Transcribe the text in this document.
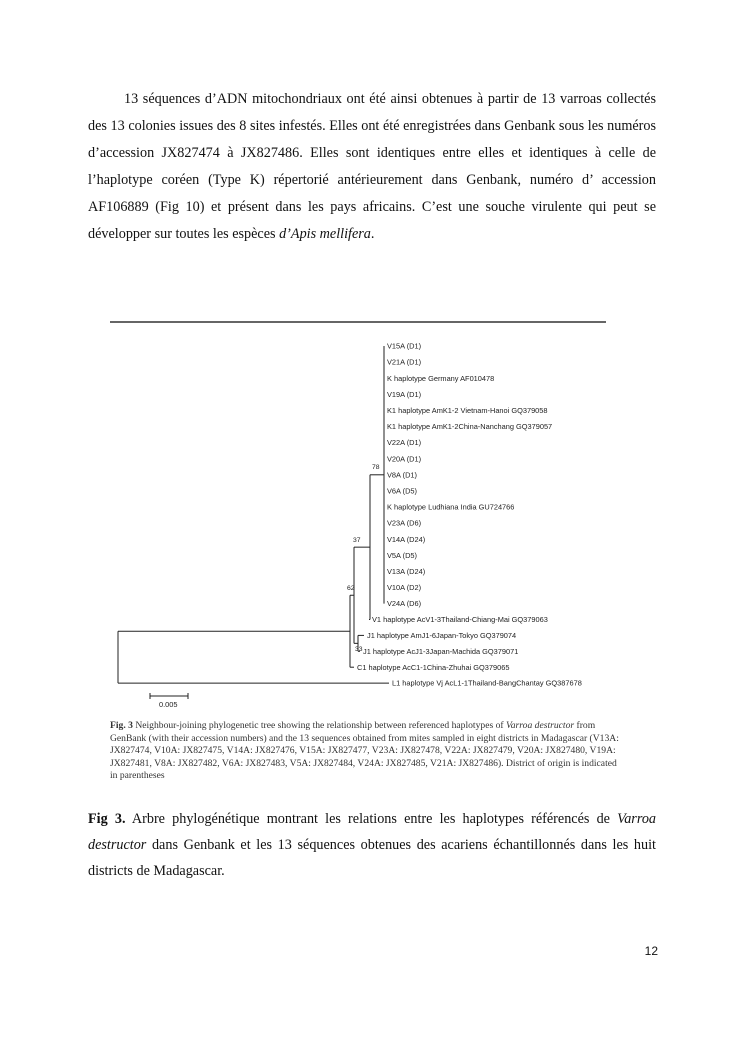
13 séquences d’ADN mitochondriaux ont été ainsi obtenues à partir de 13 varroas collectés des 13 colonies issues des 8 sites infestés. Elles ont été enregistrées dans Genbank sous les numéros d’accession JX827474 à JX827486. Elles sont identiques entre elles et identiques à celle de l’haplotype coréen (Type K) répertorié antérieurement dans Genbank, numéro d’ accession AF106889 (Fig 10) et présent dans les pays africains. C’est une souche virulente qui peut se développer sur toutes les espèces d’Apis mellifera.

V15A (D1)
V21A (D1)
K haplotype Germany AF010478
V19A (D1)
K1 haplotype AmK1-2 Vietnam-Hanoi GQ379058
K1 haplotype AmK1-2China-Nanchang GQ379057
V22A (D1)
V20A (D1)
V8A (D1)
V6A (D5)
K haplotype Ludhiana India GU724766
V23A (D6)
V14A (D24)
V5A (D5)
V13A (D24)
V10A (D2)
V24A (D6)
V1 haplotype AcV1-3Thailand-Chiang-Mai GQ379063
J1 haplotype AmJ1-6Japan-Tokyo GQ379074
J1 haplotype AcJ1-3Japan-Machida GQ379071
C1 haplotype AcC1-1China-Zhuhai GQ379065
L1 haplotype Vj AcL1-1Thailand-BangChantay GQ387678
78
37
62
33
0.005

Fig. 3 Neighbour-joining phylogenetic tree showing the relationship between referenced haplotypes of Varroa destructor from GenBank (with their accession numbers) and the 13 sequences obtained from mites sampled in eight districts in Madagascar (V13A: JX827474, V10A: JX827475, V14A: JX827476, V15A: JX827477, V23A: JX827478, V22A: JX827479, V20A: JX827480, V19A: JX827481, V8A: JX827482, V6A: JX827483, V5A: JX827484, V24A: JX827485, V21A: JX827486). District of origin is indicated in parentheses

Fig 3. Arbre phylogénétique montrant les relations entre les haplotypes référencés de Varroa destructor dans Genbank et les 13 séquences obtenues des acariens échantillonnés dans les huit districts de Madagascar.

12
